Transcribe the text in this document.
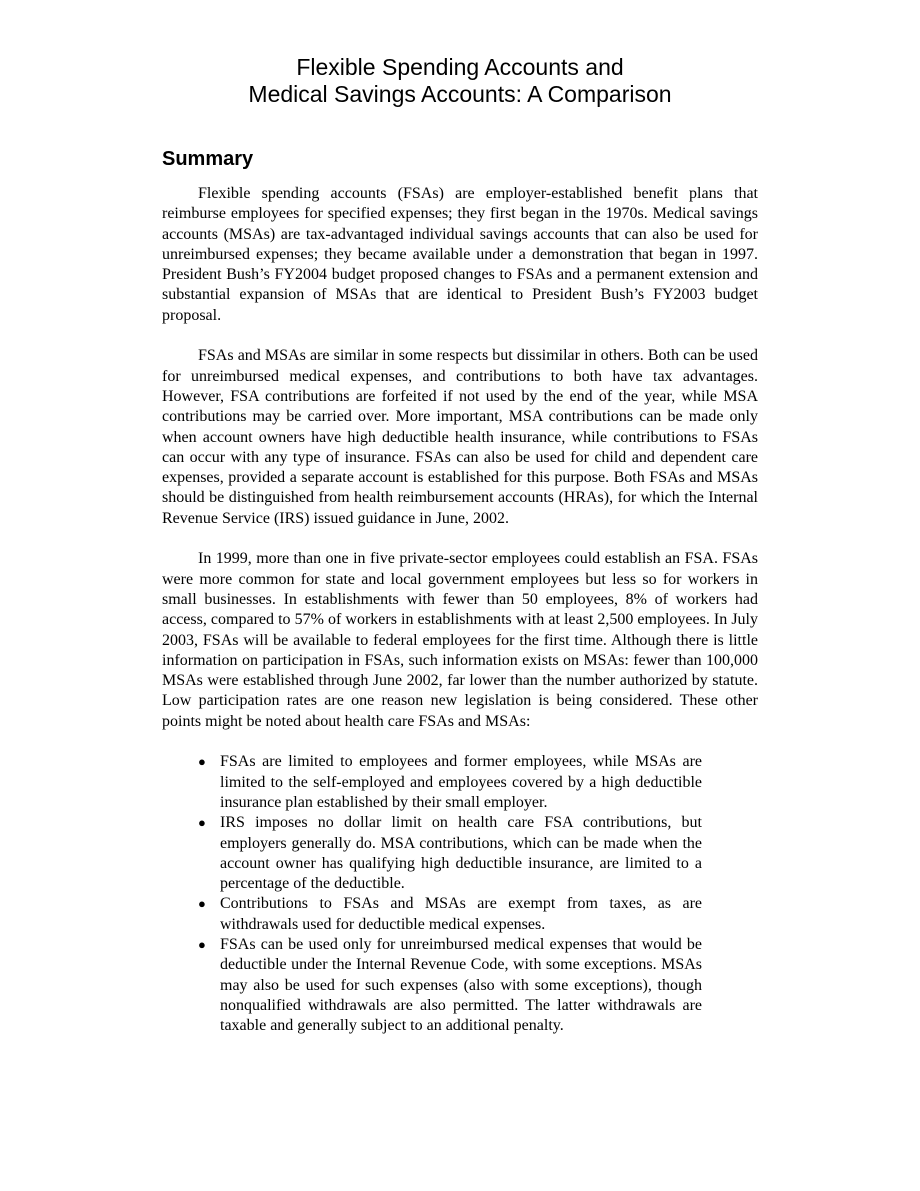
Flexible Spending Accounts and
Medical Savings Accounts: A Comparison
Summary

Flexible spending accounts (FSAs) are employer-established benefit plans that reimburse employees for specified expenses; they first began in the 1970s. Medical savings accounts (MSAs) are tax-advantaged individual savings accounts that can also be used for unreimbursed expenses; they became available under a demonstration that began in 1997. President Bush’s FY2004 budget proposed changes to FSAs and a permanent extension and substantial expansion of MSAs that are identical to President Bush’s FY2003 budget proposal.

FSAs and MSAs are similar in some respects but dissimilar in others. Both can be used for unreimbursed medical expenses, and contributions to both have tax advantages. However, FSA contributions are forfeited if not used by the end of the year, while MSA contributions may be carried over. More important, MSA contributions can be made only when account owners have high deductible health insurance, while contributions to FSAs can occur with any type of insurance. FSAs can also be used for child and dependent care expenses, provided a separate account is established for this purpose. Both FSAs and MSAs should be distinguished from health reimbursement accounts (HRAs), for which the Internal Revenue Service (IRS) issued guidance in June, 2002.

In 1999, more than one in five private-sector employees could establish an FSA. FSAs were more common for state and local government employees but less so for workers in small businesses. In establishments with fewer than 50 employees, 8% of workers had access, compared to 57% of workers in establishments with at least 2,500 employees. In July 2003, FSAs will be available to federal employees for the first time. Although there is little information on participation in FSAs, such information exists on MSAs: fewer than 100,000 MSAs were established through June 2002, far lower than the number authorized by statute. Low participation rates are one reason new legislation is being considered. These other points might be noted about health care FSAs and MSAs:

● FSAs are limited to employees and former employees, while MSAs are limited to the self-employed and employees covered by a high deductible insurance plan established by their small employer.
● IRS imposes no dollar limit on health care FSA contributions, but employers generally do. MSA contributions, which can be made when the account owner has qualifying high deductible insurance, are limited to a percentage of the deductible.
● Contributions to FSAs and MSAs are exempt from taxes, as are withdrawals used for deductible medical expenses.
● FSAs can be used only for unreimbursed medical expenses that would be deductible under the Internal Revenue Code, with some exceptions. MSAs may also be used for such expenses (also with some exceptions), though nonqualified withdrawals are also permitted. The latter withdrawals are taxable and generally subject to an additional penalty.
